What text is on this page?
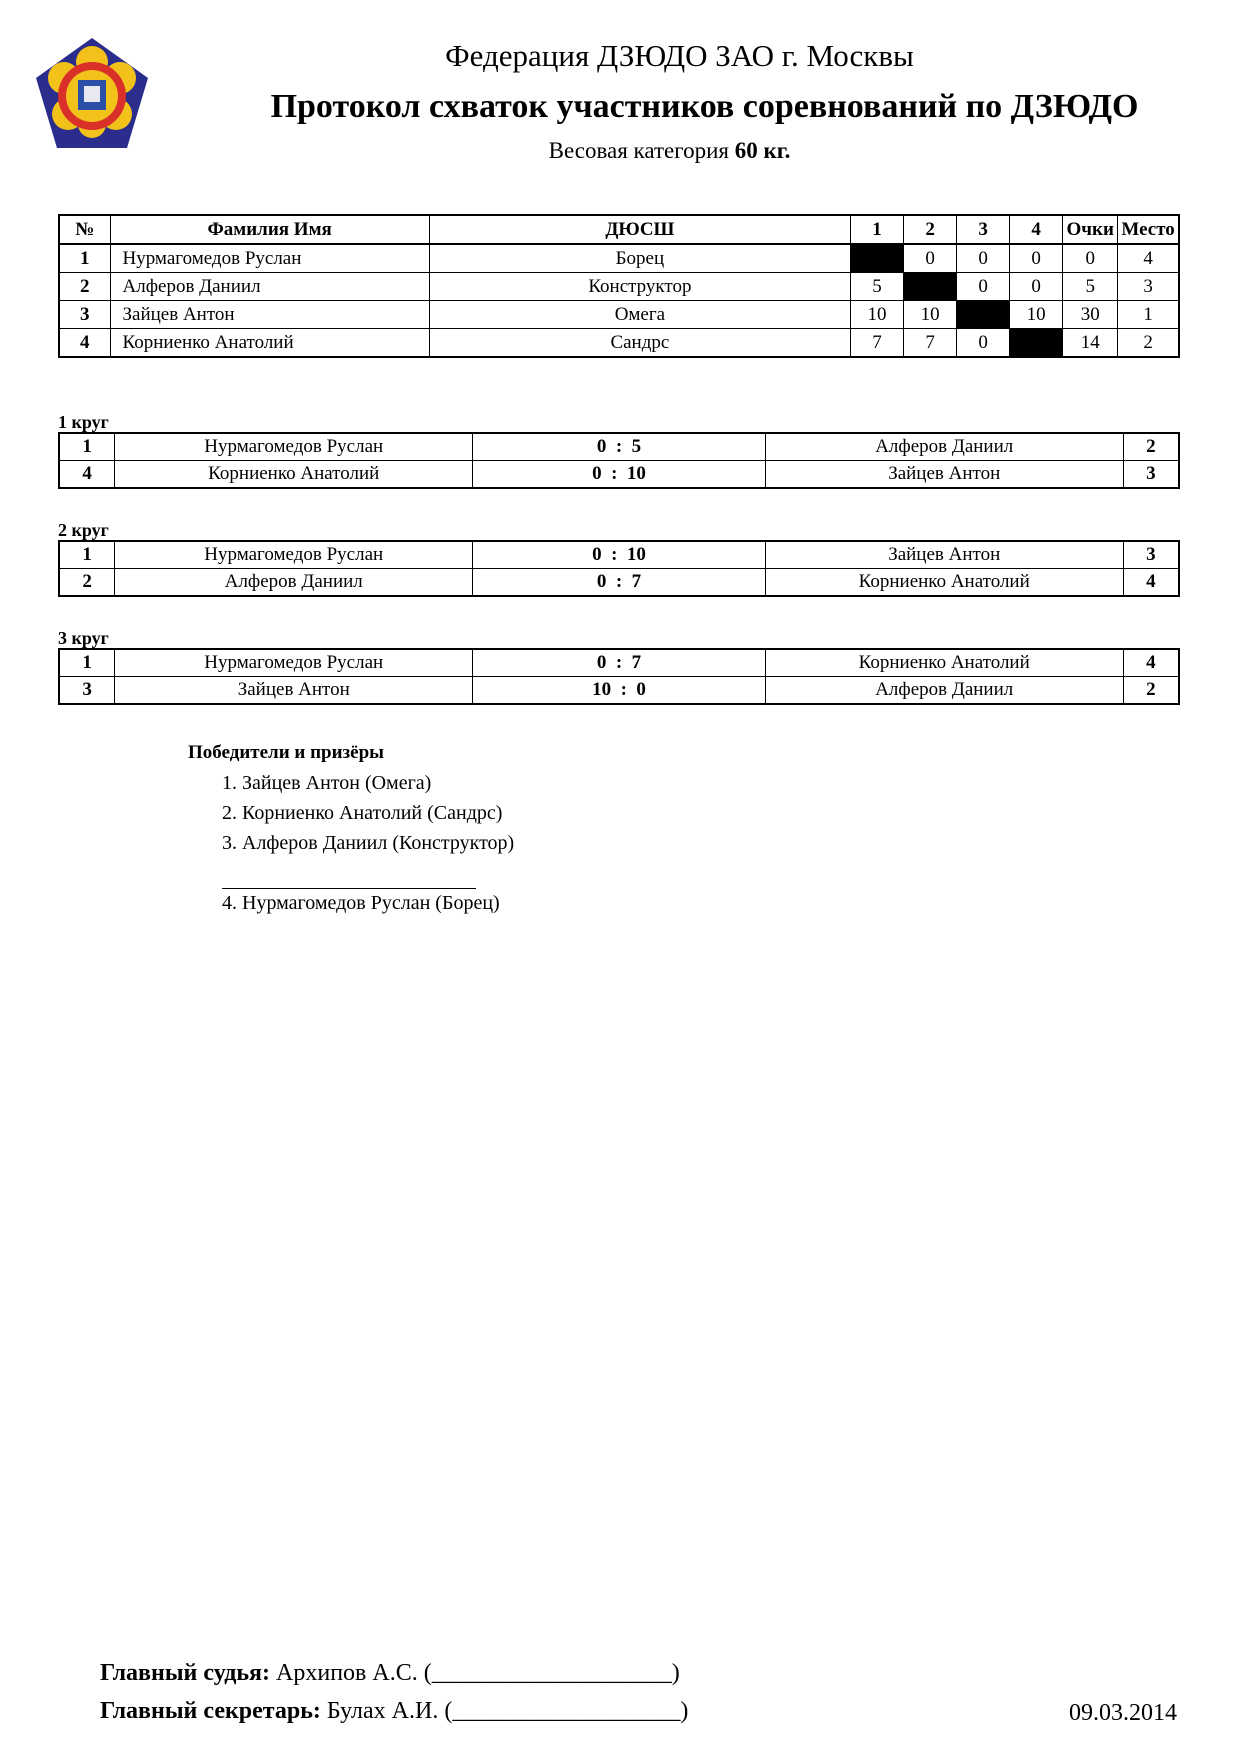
Федерация ДЗЮДО ЗАО г. Москвы
Протокол схваток участников соревнований по ДЗЮДО
Весовая категория 60 кг.
№	Фамилия Имя	ДЮСШ	1	2	3	4	Очки	Место
1	Нурмагомедов Руслан	Борец		0	0	0	0	4
2	Алферов Даниил	Конструктор	5		0	0	5	3
3	Зайцев Антон	Омега	10	10		10	30	1
4	Корниенко Анатолий	Сандрс	7	7	0		14	2
1 круг
1	Нурмагомедов Руслан	0  :  5	Алферов Даниил	2
4	Корниенко Анатолий	0  :  10	Зайцев Антон	3
2 круг
1	Нурмагомедов Руслан	0  :  10	Зайцев Антон	3
2	Алферов Даниил	0  :  7	Корниенко Анатолий	4
3 круг
1	Нурмагомедов Руслан	0  :  7	Корниенко Анатолий	4
3	Зайцев Антон	10  :  0	Алферов Даниил	2
Победители и призёры
1. Зайцев Антон (Омега)
2. Корниенко Анатолий (Сандрс)
3. Алферов Даниил (Конструктор)
4. Нурмагомедов Руслан (Борец)
Главный судья: Архипов А.С. (____________________)
Главный секретарь: Булах А.И. (___________________)	09.03.2014
